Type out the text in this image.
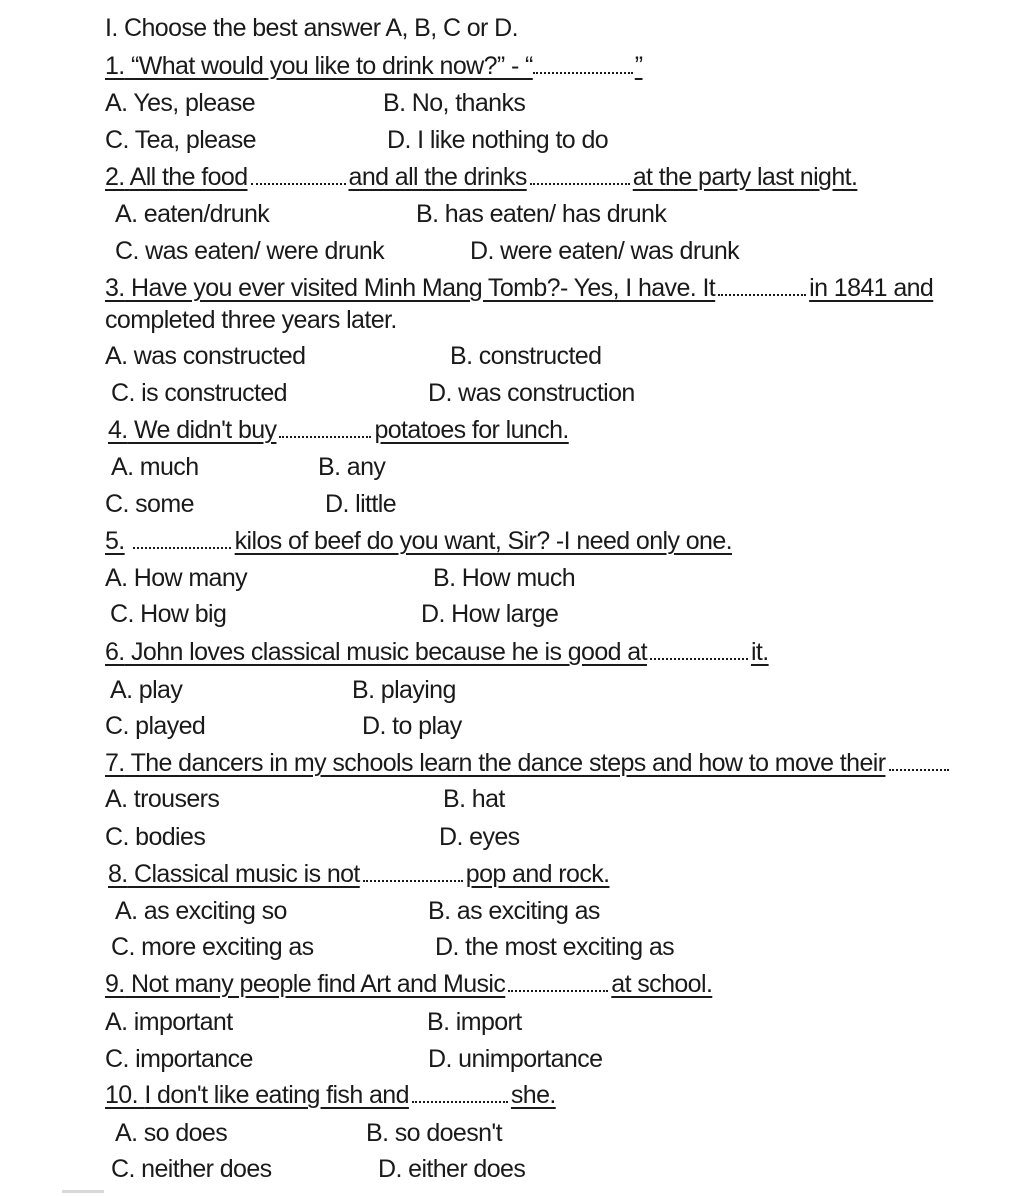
I. Choose the best answer A, B, C or D.
1. “What would you like to drink now?” - “	”
A. Yes, please	B. No, thanks
C. Tea, please	D. I like nothing to do
2. All the food	and all the drinks	at the party last night.
A. eaten/drunk	B. has eaten/ has drunk
C. was eaten/ were drunk	D. were eaten/ was drunk
3. Have you ever visited Minh Mang Tomb?- Yes, I have. It	in 1841 and
completed three years later.
A. was constructed	B. constructed
C. is constructed	D. was construction
4. We didn't buy	potatoes for lunch.
A. much	B. any
C. some	D. little
5.	kilos of beef do you want, Sir? -I need only one.
A. How many	B. How much
C. How big	D. How large
6. John loves classical music because he is good at	it.
A. play	B. playing
C. played	D. to play
7. The dancers in my schools learn the dance steps and how to move their
A. trousers	B. hat
C. bodies	D. eyes
8. Classical music is not	pop and rock.
A. as exciting so	B. as exciting as
C. more exciting as	D. the most exciting as
9. Not many people find Art and Music	at school.
A. important	B. import
C. importance	D. unimportance
10. I don't like eating fish and	she.
A. so does	B. so doesn't
C. neither does	D. either does
